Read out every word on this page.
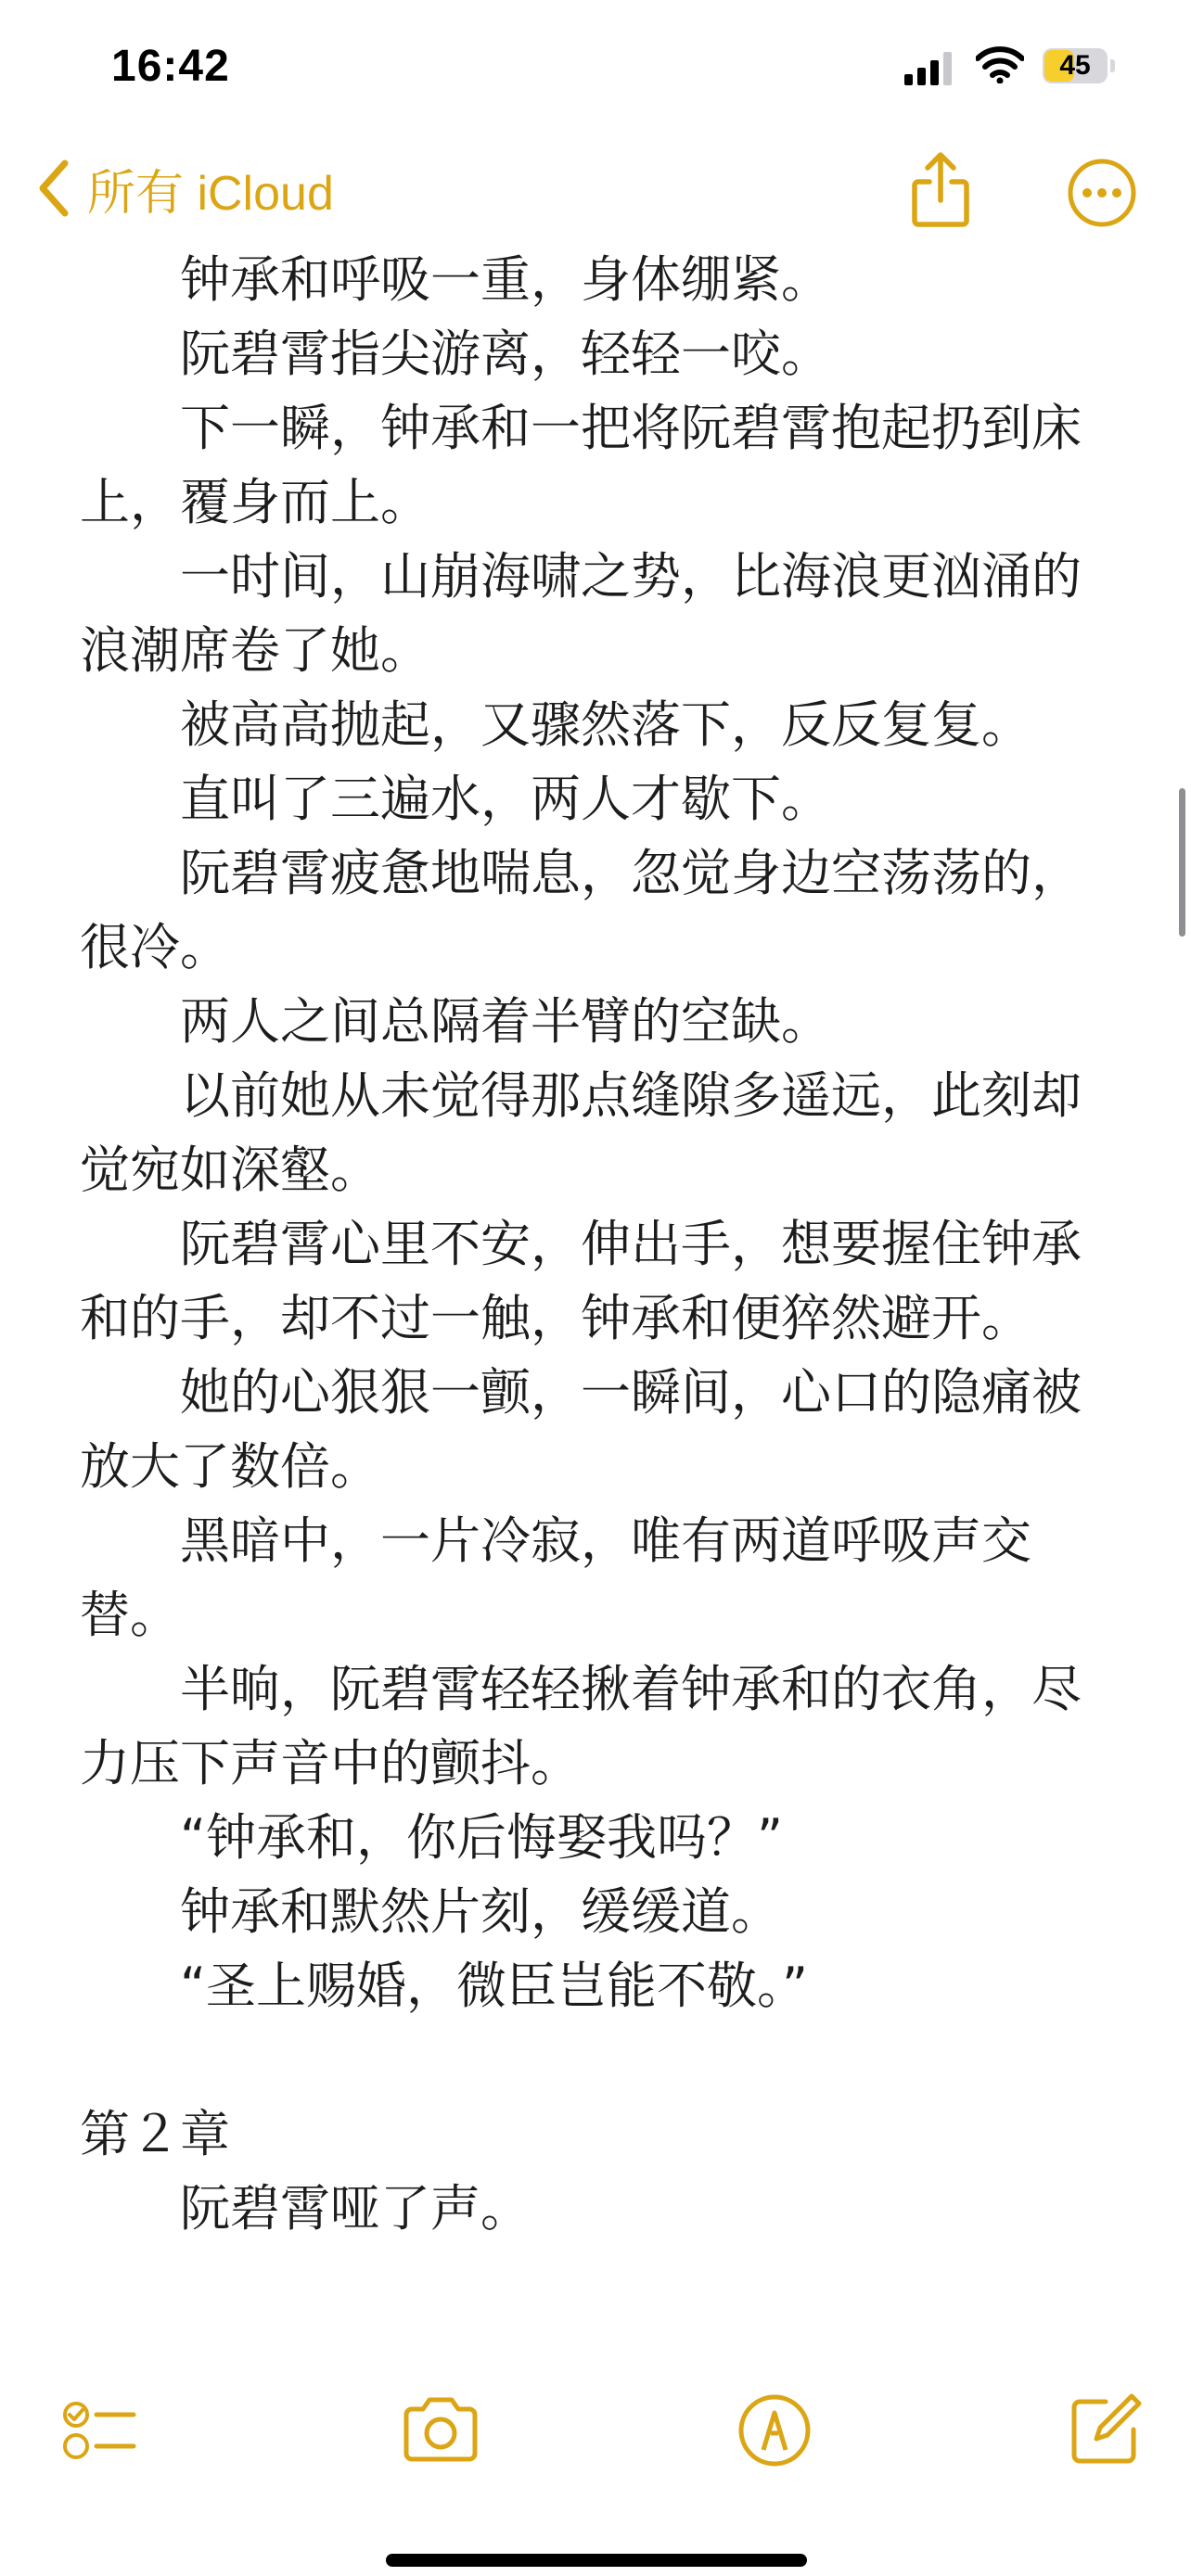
16:42	45
所有 iCloud

钟承和呼吸一重，身体绷紧。

阮碧霄指尖游离，轻轻一咬。

下一瞬，钟承和一把将阮碧霄抱起扔到床上，覆身而上。

一时间，山崩海啸之势，比海浪更汹涌的浪潮席卷了她。

被高高抛起，又骤然落下，反反复复。

直叫了三遍水，两人才歇下。

阮碧霄疲惫地喘息，忽觉身边空荡荡的，很冷。

两人之间总隔着半臂的空缺。

以前她从未觉得那点缝隙多遥远，此刻却觉宛如深壑。

阮碧霄心里不安，伸出手，想要握住钟承和的手，却不过一触，钟承和便猝然避开。

她的心狠狠一颤，一瞬间，心口的隐痛被放大了数倍。

黑暗中，一片冷寂，唯有两道呼吸声交替。

半晌，阮碧霄轻轻揪着钟承和的衣角，尽力压下声音中的颤抖。

“钟承和，你后悔娶我吗？”

钟承和默然片刻，缓缓道。

“圣上赐婚，微臣岂能不敬。”

第２章

阮碧霄哑了声。
